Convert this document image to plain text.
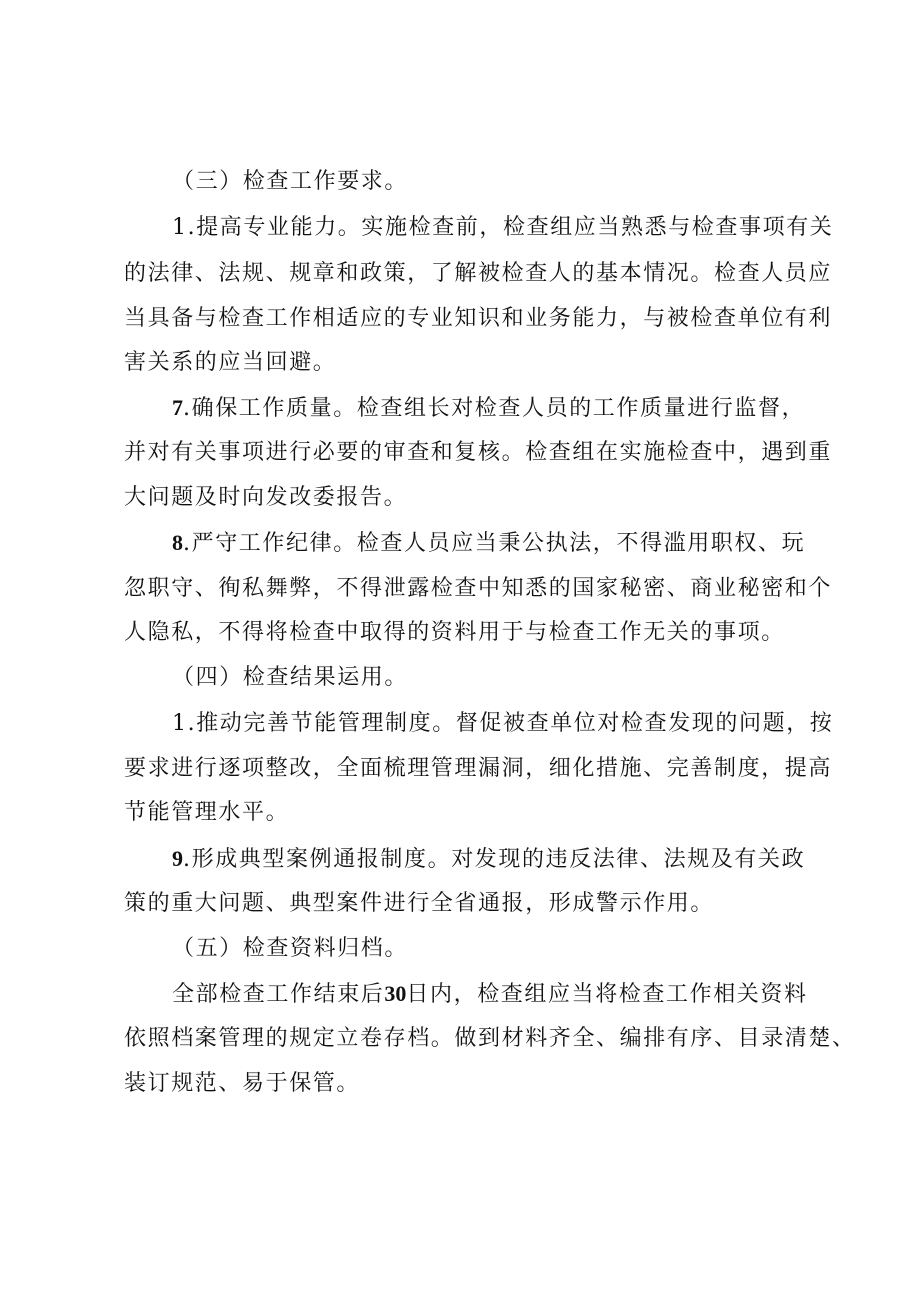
（三）检查工作要求。
1.提高专业能力。实施检查前，检查组应当熟悉与检查事项有关
的法律、法规、规章和政策，了解被检查人的基本情况。检查人员应
当具备与检查工作相适应的专业知识和业务能力，与被检查单位有利
害关系的应当回避。
7.确保工作质量。检查组长对检查人员的工作质量进行监督，
并对有关事项进行必要的审查和复核。检查组在实施检查中，遇到重
大问题及时向发改委报告。
8.严守工作纪律。检查人员应当秉公执法，不得滥用职权、玩
忽职守、徇私舞弊，不得泄露检查中知悉的国家秘密、商业秘密和个
人隐私，不得将检查中取得的资料用于与检查工作无关的事项。
（四）检查结果运用。
1.推动完善节能管理制度。督促被查单位对检查发现的问题，按
要求进行逐项整改，全面梳理管理漏洞，细化措施、完善制度，提高
节能管理水平。
9.形成典型案例通报制度。对发现的违反法律、法规及有关政
策的重大问题、典型案件进行全省通报，形成警示作用。
（五）检查资料归档。
全部检查工作结束后30日内，检查组应当将检查工作相关资料
依照档案管理的规定立卷存档。做到材料齐全、编排有序、目录清楚、
装订规范、易于保管。
